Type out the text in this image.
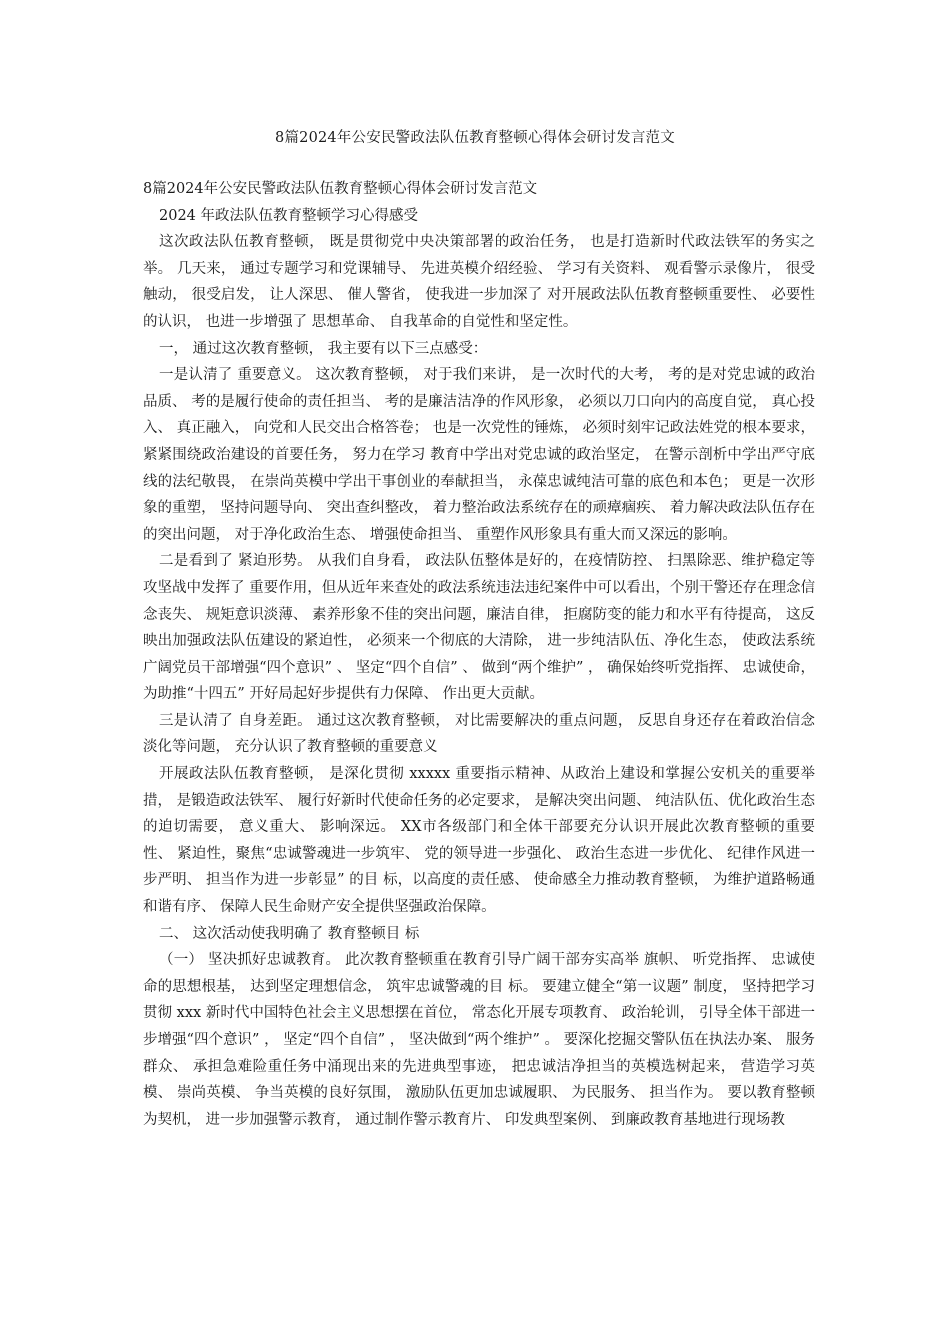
8篇2024年公安民警政法队伍教育整顿心得体会研讨发言范文

8篇2024年公安民警政法队伍教育整顿心得体会研讨发言范文

2024 年政法队伍教育整顿学习心得感受

这次政法队伍教育整顿， 既是贯彻党中央决策部署的政治任务， 也是打造新时代政法铁军的务实之举。 几天来， 通过专题学习和党课辅导、 先进英模介绍经验、 学习有关资料、 观看警示录像片， 很受触动， 很受启发， 让人深思、 催人警省， 使我进一步加深了 对开展政法队伍教育整顿重要性、 必要性的认识， 也进一步增强了 思想革命、 自我革命的自觉性和坚定性。

一， 通过这次教育整顿， 我主要有以下三点感受：

一是认清了 重要意义。 这次教育整顿， 对于我们来讲， 是一次时代的大考， 考的是对党忠诚的政治品质、 考的是履行使命的责任担当、 考的是廉洁洁净的作风形象， 必须以刀口向内的高度自觉， 真心投入、 真正融入， 向党和人民交出合格答卷； 也是一次党性的锤炼， 必须时刻牢记政法姓党的根本要求， 紧紧围绕政治建设的首要任务， 努力在学习 教育中学出对党忠诚的政治坚定， 在警示剖析中学出严守底线的法纪敬畏， 在崇尚英模中学出干事创业的奉献担当， 永葆忠诚纯洁可靠的底色和本色； 更是一次形象的重塑， 坚持问题导向、 突出查纠整改， 着力整治政法系统存在的顽瘴痼疾、 着力解决政法队伍存在的突出问题， 对于净化政治生态、 增强使命担当、 重塑作风形象具有重大而又深远的影响。

二是看到了 紧迫形势。 从我们自身看， 政法队伍整体是好的，在疫情防控、 扫黑除恶、维护稳定等攻坚战中发挥了 重要作用，但从近年来查处的政法系统违法违纪案件中可以看出，个别干警还存在理念信念丧失、 规矩意识淡薄、 素养形象不佳的突出问题，廉洁自律， 拒腐防变的能力和水平有待提高， 这反映出加强政法队伍建设的紧迫性， 必须来一个彻底的大清除， 进一步纯洁队伍、净化生态， 使政法系统广阔党员干部增强“四个意识” 、 坚定“四个自信” 、 做到“两个维护” ， 确保始终听党指挥、 忠诚使命，为助推“十四五” 开好局起好步提供有力保障、 作出更大贡献。

三是认清了 自身差距。 通过这次教育整顿， 对比需要解决的重点问题， 反思自身还存在着政治信念淡化等问题， 充分认识了教育整顿的重要意义

开展政法队伍教育整顿， 是深化贯彻 xxxxx 重要指示精神、从政治上建设和掌握公安机关的重要举措， 是锻造政法铁军、 履行好新时代使命任务的必定要求， 是解决突出问题、 纯洁队伍、优化政治生态的迫切需要， 意义重大、 影响深远。 XX市各级部门和全体干部要充分认识开展此次教育整顿的重要性、 紧迫性，聚焦“忠诚警魂进一步筑牢、 党的领导进一步强化、 政治生态进一步优化、 纪律作风进一步严明、 担当作为进一步彰显” 的目 标，以高度的责任感、 使命感全力推动教育整顿， 为维护道路畅通和谐有序、 保障人民生命财产安全提供坚强政治保障。

二、 这次活动使我明确了 教育整顿目 标

（一） 坚决抓好忠诚教育。 此次教育整顿重在教育引导广阔干部夯实高举 旗帜、 听党指挥、 忠诚使命的思想根基， 达到坚定理想信念， 筑牢忠诚警魂的目 标。 要建立健全“第一议题” 制度， 坚持把学习贯彻 xxx 新时代中国特色社会主义思想摆在首位， 常态化开展专项教育、 政治轮训， 引导全体干部进一步增强“四个意识” ， 坚定“四个自信” ， 坚决做到“两个维护” 。 要深化挖掘交警队伍在执法办案、 服务群众、 承担急难险重任务中涌现出来的先进典型事迹， 把忠诚洁净担当的英模选树起来， 营造学习英模、 崇尚英模、 争当英模的良好氛围， 激励队伍更加忠诚履职、 为民服务、 担当作为。 要以教育整顿为契机， 进一步加强警示教育， 通过制作警示教育片、 印发典型案例、 到廉政教育基地进行现场教
